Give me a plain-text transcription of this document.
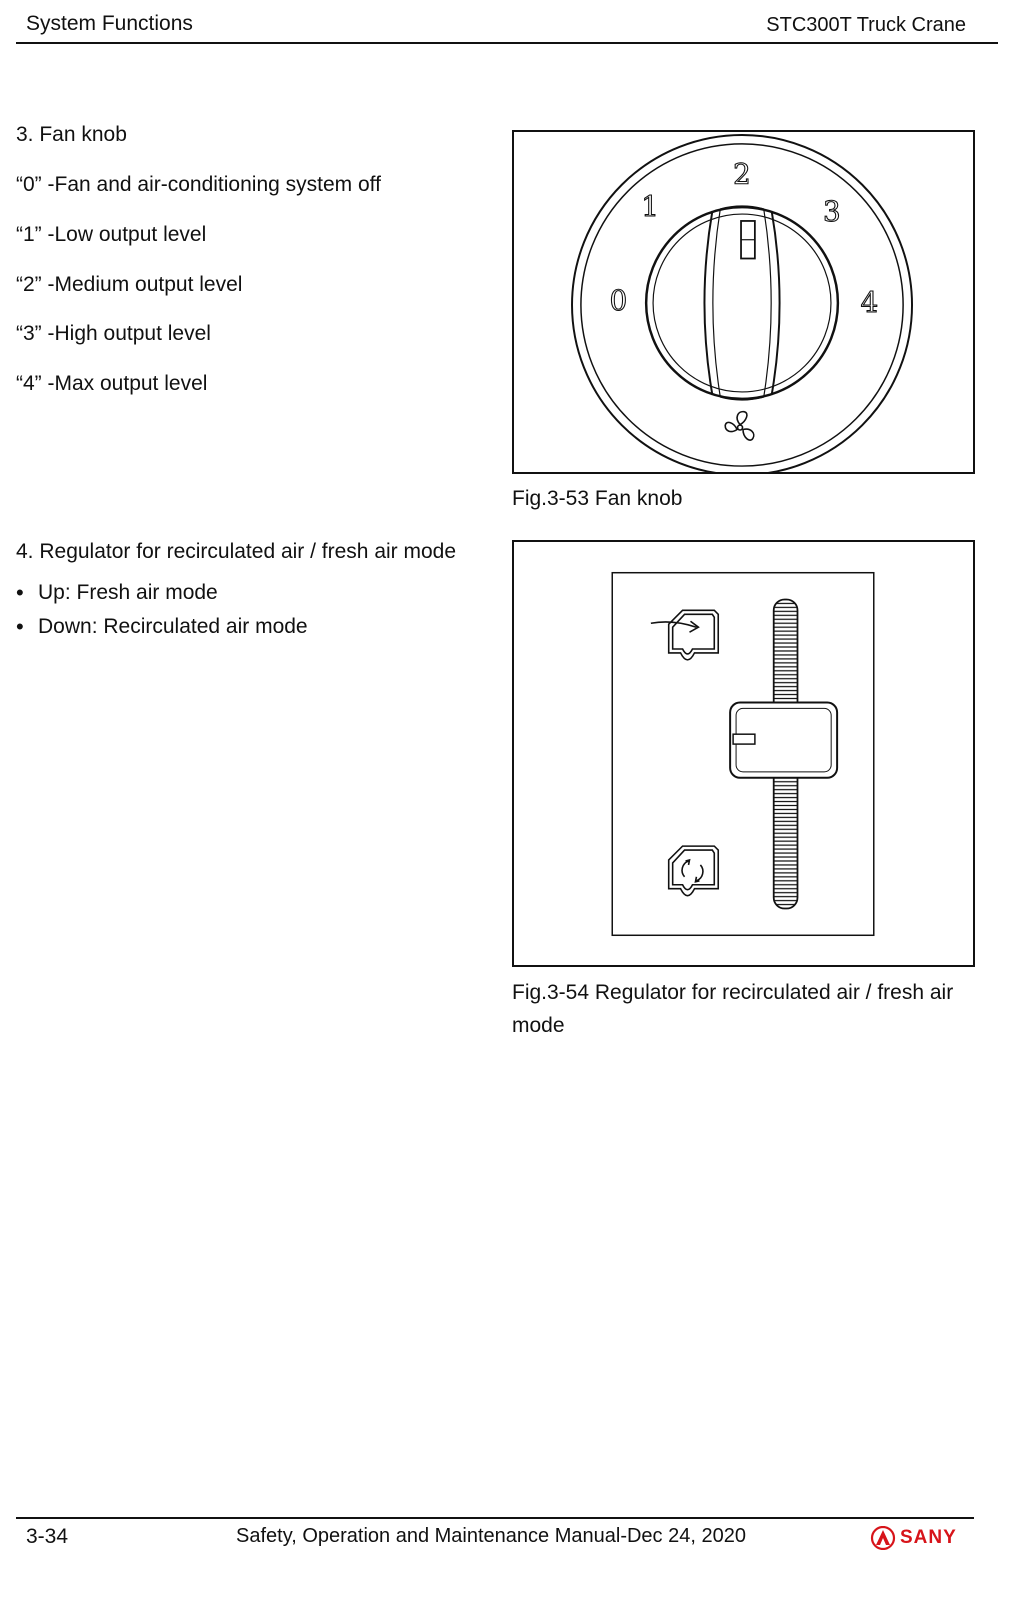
System Functions	STC300T Truck Crane

3. Fan knob

“0” -Fan and air-conditioning system off

“1” -Low output level

“2” -Medium output level

“3” -High output level

“4” -Max output level

0
1
2
3
4
Fig.3-53 Fan knob

4. Regulator for recirculated air / fresh air mode

• Up: Fresh air mode
• Down: Recirculated air mode
Fig.3-54 Regulator for recirculated air / fresh air mode
3-34	Safety, Operation and Maintenance Manual-Dec 24, 2020	SANY
